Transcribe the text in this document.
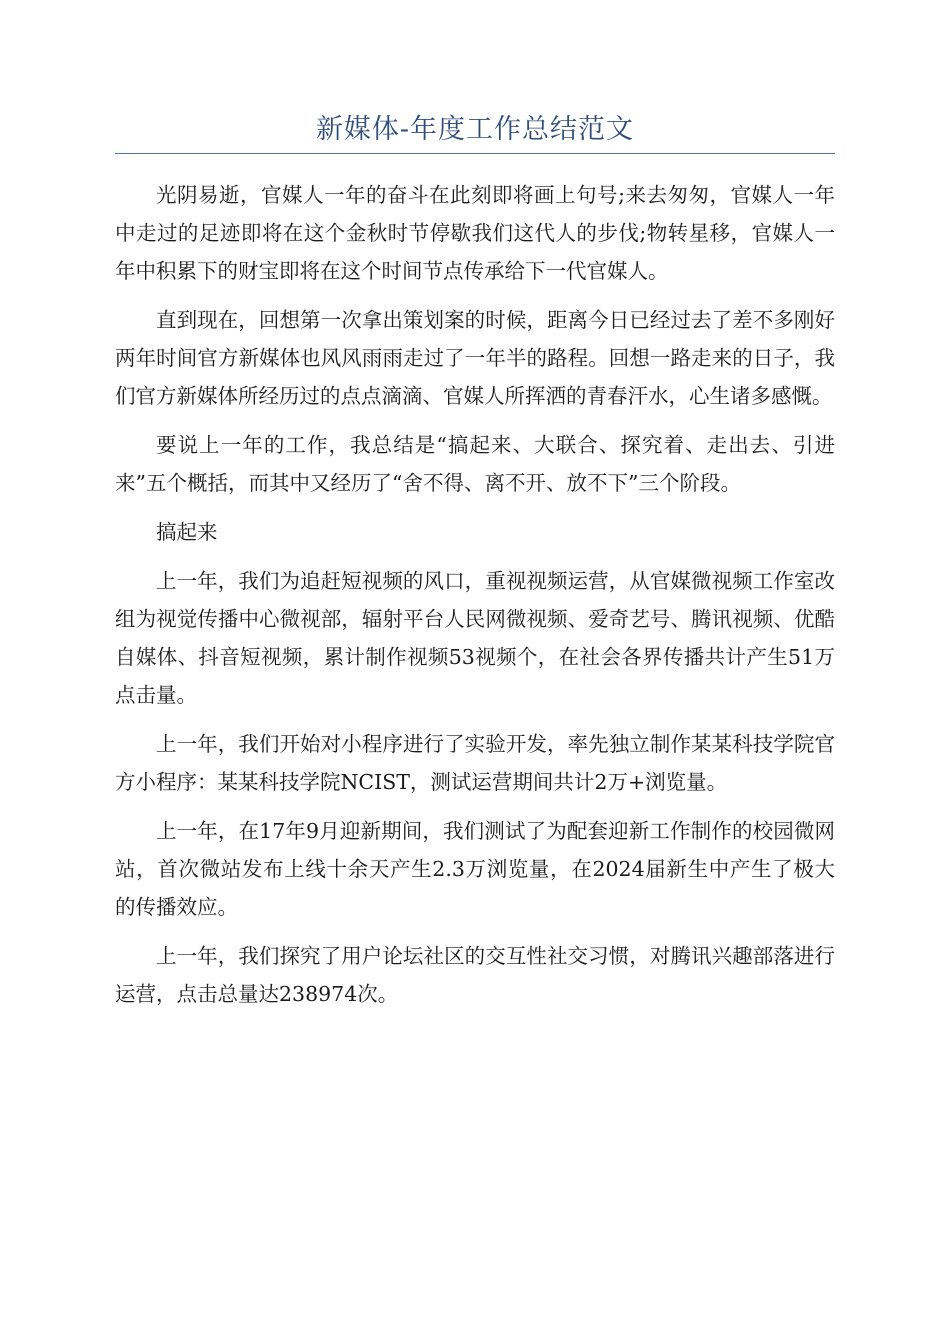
新媒体-年度工作总结范文

光阴易逝，官媒人一年的奋斗在此刻即将画上句号;来去匆匆，官媒人一年中走过的足迹即将在这个金秋时节停歇我们这代人的步伐;物转星移，官媒人一年中积累下的财宝即将在这个时间节点传承给下一代官媒人。

直到现在，回想第一次拿出策划案的时候，距离今日已经过去了差不多刚好两年时间官方新媒体也风风雨雨走过了一年半的路程。回想一路走来的日子，我们官方新媒体所经历过的点点滴滴、官媒人所挥洒的青春汗水，心生诸多感慨。

要说上一年的工作，我总结是“搞起来、大联合、探究着、走出去、引进来”五个概括，而其中又经历了“舍不得、离不开、放不下”三个阶段。

搞起来

上一年，我们为追赶短视频的风口，重视视频运营，从官媒微视频工作室改组为视觉传播中心微视部，辐射平台人民网微视频、爱奇艺号、腾讯视频、优酷自媒体、抖音短视频，累计制作视频53视频个，在社会各界传播共计产生51万点击量。

上一年，我们开始对小程序进行了实验开发，率先独立制作某某科技学院官方小程序：某某科技学院NCIST，测试运营期间共计2万+浏览量。

上一年，在17年9月迎新期间，我们测试了为配套迎新工作制作的校园微网站，首次微站发布上线十余天产生2.3万浏览量，在2024届新生中产生了极大的传播效应。

上一年，我们探究了用户论坛社区的交互性社交习惯，对腾讯兴趣部落进行运营，点击总量达238974次。
